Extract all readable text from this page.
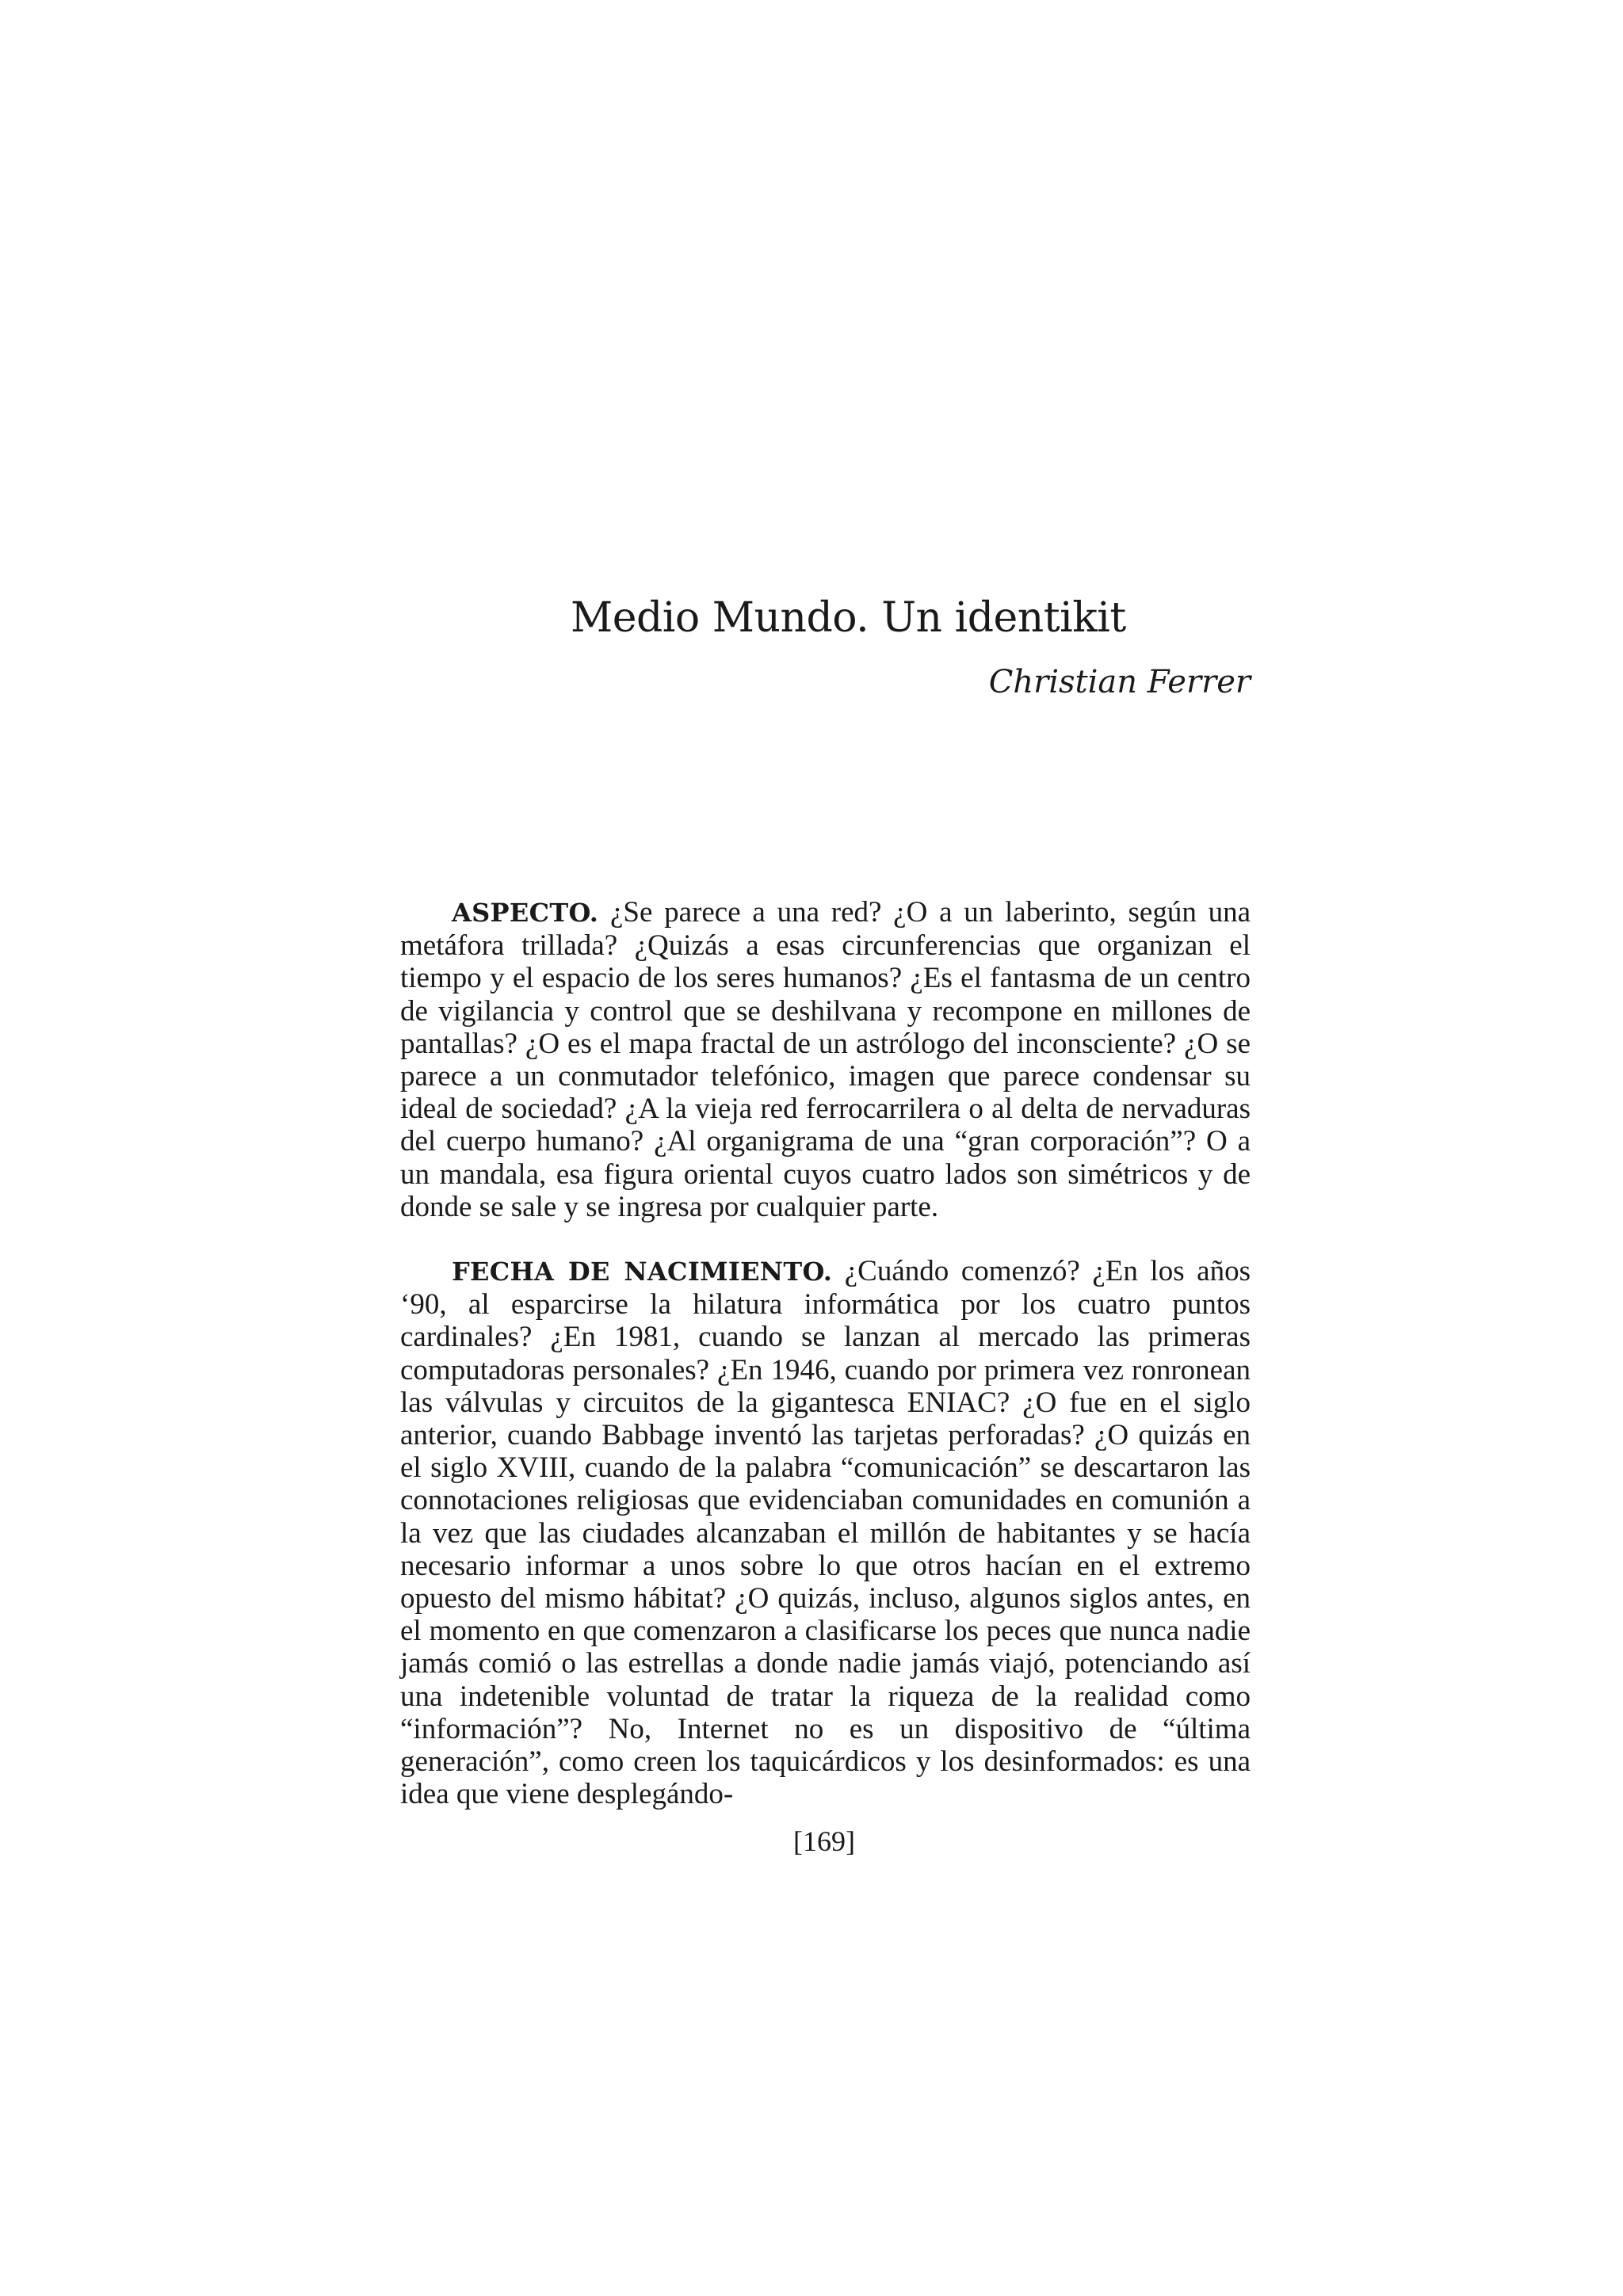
Medio Mundo. Un identikit
Christian Ferrer

ASPECTO. ¿Se parece a una red? ¿O a un laberinto, según una metáfora trillada? ¿Quizás a esas circunferencias que organizan el tiempo y el espacio de los seres humanos? ¿Es el fantasma de un centro de vigilancia y control que se deshilvana y recompone en millones de pantallas? ¿O es el mapa fractal de un astrólogo del inconsciente? ¿O se parece a un conmutador telefónico, imagen que parece condensar su ideal de sociedad? ¿A la vieja red ferrocarrilera o al delta de nervaduras del cuerpo humano? ¿Al organigrama de una “gran corporación”? O a un mandala, esa figura oriental cuyos cuatro lados son simétricos y de donde se sale y se ingresa por cualquier parte.

FECHA DE NACIMIENTO. ¿Cuándo comenzó? ¿En los años ‘90, al esparcirse la hilatura informática por los cuatro puntos cardinales? ¿En 1981, cuando se lanzan al mercado las primeras computadoras personales? ¿En 1946, cuando por primera vez ronronean las válvulas y circuitos de la gigantesca ENIAC? ¿O fue en el siglo anterior, cuando Babbage inventó las tarjetas perforadas? ¿O quizás en el siglo XVIII, cuando de la palabra “comunicación” se descartaron las connotaciones religiosas que evidenciaban comunidades en comunión a la vez que las ciudades alcanzaban el millón de habitantes y se hacía necesario informar a unos sobre lo que otros hacían en el extremo opuesto del mismo hábitat? ¿O quizás, incluso, algunos siglos antes, en el momento en que comenzaron a clasificarse los peces que nunca nadie jamás comió o las estrellas a donde nadie jamás viajó, potenciando así una indetenible voluntad de tratar la riqueza de la realidad como “información”? No, Internet no es un dispositivo de “última generación”, como creen los taquicárdicos y los desinformados: es una idea que viene desplegándo-

[169]
